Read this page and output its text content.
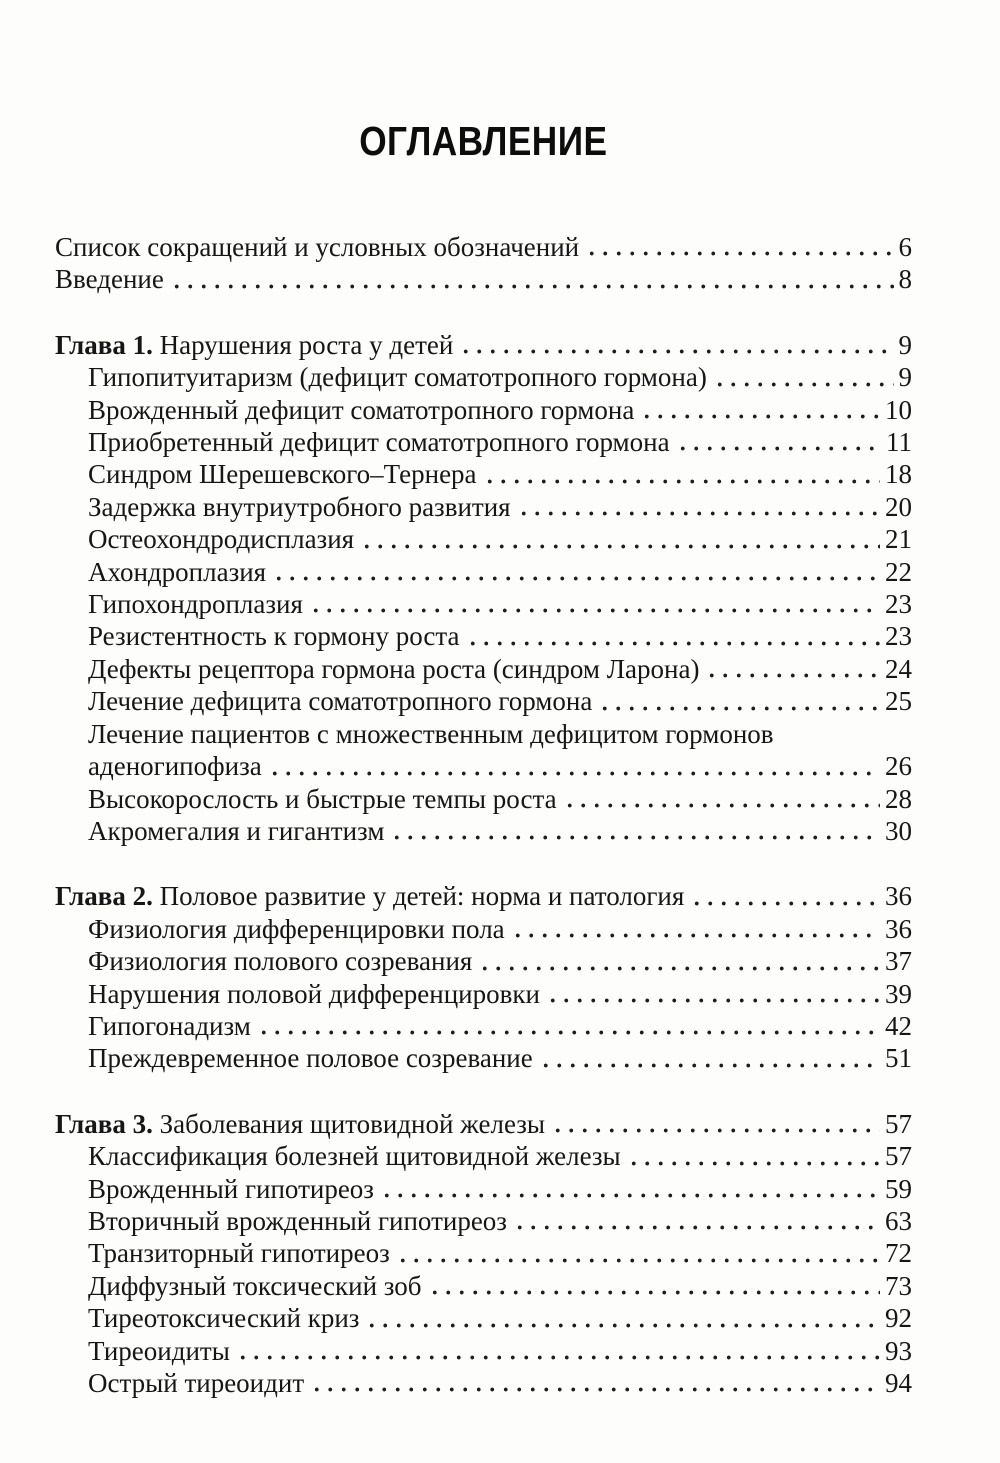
ОГЛАВЛЕНИЕ
Список сокращений и условных обозначений	6
Введение	8
Глава 1. Нарушения роста у детей	9
Гипопитуитаризм (дефицит соматотропного гормона)	9
Врожденный дефицит соматотропного гормона	10
Приобретенный дефицит соматотропного гормона	11
Синдром Шерешевского–Тернера	18
Задержка внутриутробного развития	20
Остеохондродисплазия	21
Ахондроплазия	22
Гипохондроплазия	23
Резистентность к гормону роста	23
Дефекты рецептора гормона роста (синдром Ларона)	24
Лечение дефицита соматотропного гормона	25
Лечение пациентов с множественным дефицитом гормонов
аденогипофиза	26
Высокорослость и быстрые темпы роста	28
Акромегалия и гигантизм	30
Глава 2. Половое развитие у детей: норма и патология	36
Физиология дифференцировки пола	36
Физиология полового созревания	37
Нарушения половой дифференцировки	39
Гипогонадизм	42
Преждевременное половое созревание	51
Глава 3. Заболевания щитовидной железы	57
Классификация болезней щитовидной железы	57
Врожденный гипотиреоз	59
Вторичный врожденный гипотиреоз	63
Транзиторный гипотиреоз	72
Диффузный токсический зоб	73
Тиреотоксический криз	92
Тиреоидиты	93
Острый тиреоидит	94
